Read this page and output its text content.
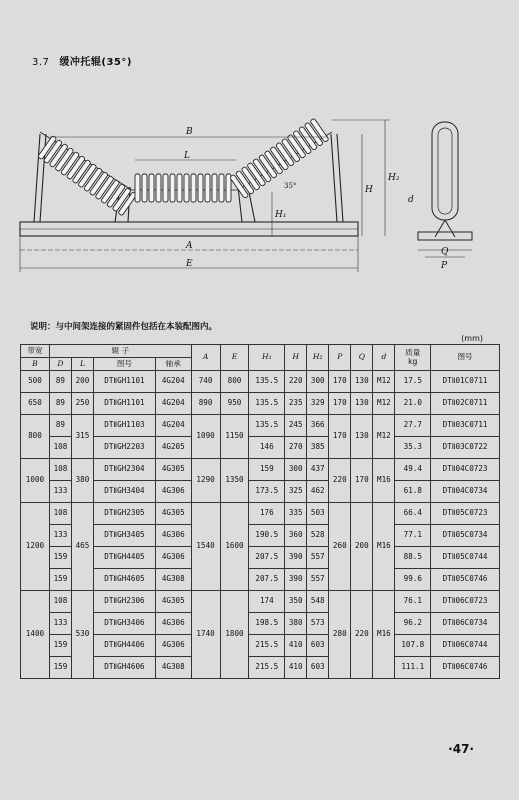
3.7 缓冲托辊(35°)
B
L
A
E
H₁
H
H₂
d
Q
P
35°
说明：与中间架连接的紧固件包括在本装配图内。
(mm)
带宽	辊 子				A	E	H₁	H	H₂	P	Q	d	质量
kg	图号
B	D	L	图号	轴承										
500	89	200	DTⅡGH1101	4G204	740	800	135.5	220	300	170	130	M12	17.5	DTⅡ01C0711
650	89	250	DTⅡGH1101	4G204	890	950	135.5	235	329	170	130	M12	21.0	DTⅡ02C0711
800	89	315	DTⅡGH1103	4G204	1090	1150	135.5	245	366	170	130	M12	27.7	DTⅡ03C0711
	108		DTⅡGH2203	4G205			146	270	385				35.3	DTⅡ03C0722
1000	108	380	DTⅡGH2304	4G305	1290	1350	159	300	437	220	170	M16	49.4	DTⅡ04C0723
	133		DTⅡGH3404	4G306			173.5	325	462				61.8	DTⅡ04C0734
1200	108	465	DTⅡGH2305	4G305	1540	1600	176	335	503	260	200	M16	66.4	DTⅡ05C0723
	133		DTⅡGH3405	4G306			190.5	360	528				77.1	DTⅡ05C0734
	159		DTⅡGH4405	4G306			207.5	390	557				88.5	DTⅡ05C0744
	159		DTⅡGH4605	4G308			207.5	390	557				99.6	DTⅡ05C0746
1400	108	530	DTⅡGH2306	4G305	1740	1800	174	350	548	280	220	M16	76.1	DTⅡ06C0723
	133		DTⅡGH3406	4G306			198.5	380	573				96.2	DTⅡ06C0734
	159		DTⅡGH4406	4G306			215.5	410	603				107.8	DTⅡ06C0744
	159		DTⅡGH4606	4G308			215.5	410	603				111.1	DTⅡ06C0746
·47·
